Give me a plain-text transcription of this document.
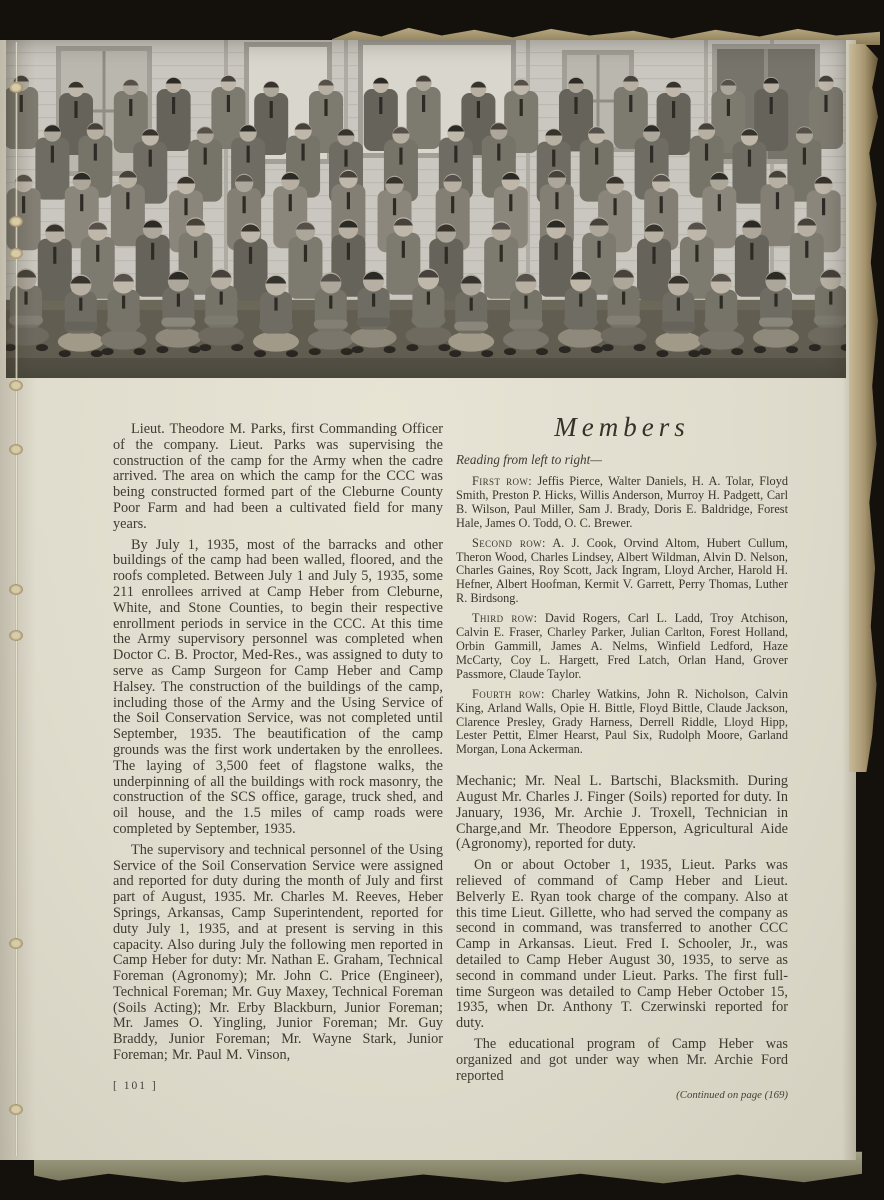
Lieut. Theodore M. Parks, first Commanding Officer of the company. Lieut. Parks was supervising the construction of the camp for the Army when the cadre arrived. The area on which the camp for the CCC was being constructed formed part of the Cleburne County Poor Farm and had been a cultivated field for many years.

By July 1, 1935, most of the barracks and other buildings of the camp had been walled, floored, and the roofs completed. Between July 1 and July 5, 1935, some 211 enrollees arrived at Camp Heber from Cleburne, White, and Stone Counties, to begin their respective enrollment periods in service in the CCC. At this time the Army supervisory personnel was completed when Doctor C. B. Proctor, Med-Res., was assigned to duty to serve as Camp Surgeon for Camp Heber and Camp Halsey. The construction of the buildings of the camp, including those of the Army and the Using Service of the Soil Conservation Service, was not completed until September, 1935. The beautification of the camp grounds was the first work undertaken by the enrollees. The laying of 3,500 feet of flagstone walks, the underpinning of all the buildings with rock masonry, the construction of the SCS office, garage, truck shed, and oil house, and the 1.5 miles of camp roads were completed by September, 1935.

The supervisory and technical personnel of the Using Service of the Soil Conservation Service were assigned and reported for duty during the month of July and first part of August, 1935. Mr. Charles M. Reeves, Heber Springs, Arkansas, Camp Superintendent, reported for duty July 1, 1935, and at present is serving in this capacity. Also during July the following men reported in Camp Heber for duty: Mr. Nathan E. Graham, Technical Foreman (Agronomy); Mr. John C. Price (Engineer), Technical Foreman; Mr. Guy Maxey, Technical Foreman (Soils Acting); Mr. Erby Blackburn, Junior Foreman; Mr. James O. Yingling, Junior Foreman; Mr. Guy Braddy, Junior Foreman; Mr. Wayne Stark, Junior Foreman; Mr. Paul M. Vinson,

Members

Reading from left to right—

First row: Jeffis Pierce, Walter Daniels, H. A. Tolar, Floyd Smith, Preston P. Hicks, Willis Anderson, Murroy H. Padgett, Carl B. Wilson, Paul Miller, Sam J. Brady, Doris E. Baldridge, Forest Hale, James O. Todd, O. C. Brewer.

Second row: A. J. Cook, Orvind Altom, Hubert Cullum, Theron Wood, Charles Lindsey, Albert Wildman, Alvin D. Nelson, Charles Gaines, Roy Scott, Jack Ingram, Lloyd Archer, Harold H. Hefner, Albert Hoofman, Kermit V. Garrett, Perry Thomas, Luther R. Birdsong.

Third row: David Rogers, Carl L. Ladd, Troy Atchison, Calvin E. Fraser, Charley Parker, Julian Carlton, Forest Holland, Orbin Gammill, James A. Nelms, Winfield Ledford, Haze McCarty, Coy L. Hargett, Fred Latch, Orlan Hand, Grover Passmore, Claude Taylor.

Fourth row: Charley Watkins, John R. Nicholson, Calvin King, Arland Walls, Opie H. Bittle, Floyd Bittle, Claude Jackson, Clarence Presley, Grady Harness, Derrell Riddle, Lloyd Hipp, Lester Pettit, Elmer Hearst, Paul Six, Rudolph Moore, Garland Morgan, Lona Ackerman.

Mechanic; Mr. Neal L. Bartschi, Blacksmith. During August Mr. Charles J. Finger (Soils) reported for duty. In January, 1936, Mr. Archie J. Troxell, Technician in Charge,and Mr. Theodore Epperson, Agricultural Aide (Agronomy), reported for duty.

On or about October 1, 1935, Lieut. Parks was relieved of command of Camp Heber and Lieut. Belverly E. Ryan took charge of the company. Also at this time Lieut. Gillette, who had served the company as second in command, was transferred to another CCC Camp in Arkansas. Lieut. Fred I. Schooler, Jr., was detailed to Camp Heber August 30, 1935, to serve as second in command under Lieut. Parks. The first full-time Surgeon was detailed to Camp Heber October 15, 1935, when Dr. Anthony T. Czerwinski reported for duty.

The educational program of Camp Heber was organized and got under way when Mr. Archie Ford reported

(Continued on page (169)

[ 101 ]
